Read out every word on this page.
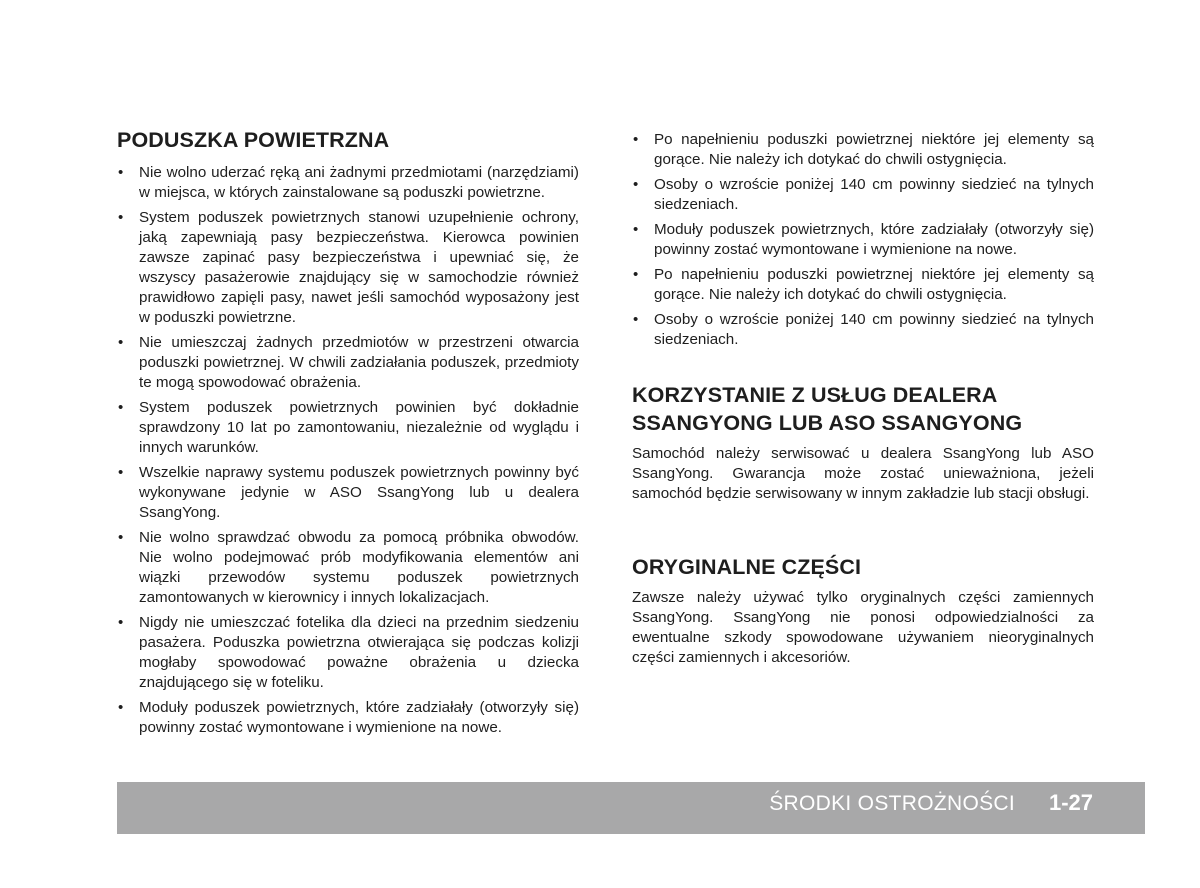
PODUSZKA POWIETRZNA
•	Nie wolno uderzać ręką ani żadnymi przedmiotami (narzędziami) w miejsca, w których zainstalowane są poduszki powietrzne.
•	System poduszek powietrznych stanowi uzupełnienie ochrony, jaką zapewniają pasy bezpieczeństwa. Kierowca powinien zawsze zapinać pasy bezpieczeństwa i upewniać się, że wszyscy pasażerowie znajdujący się w samochodzie również prawidłowo zapięli pasy, nawet jeśli samochód wyposażony jest w poduszki powietrzne.
•	Nie umieszczaj żadnych przedmiotów w przestrzeni otwarcia poduszki powietrznej. W chwili zadziałania poduszek, przedmioty te mogą spowodować obrażenia.
•	System poduszek powietrznych powinien być dokładnie sprawdzony 10 lat po zamontowaniu, niezależnie od wyglądu i innych warunków.
•	Wszelkie naprawy systemu poduszek powietrznych powinny być wykonywane jedynie w ASO SsangYong lub u dealera SsangYong.
•	Nie wolno sprawdzać obwodu za pomocą próbnika obwodów. Nie wolno podejmować prób modyfikowania elementów ani wiązki przewodów systemu poduszek powietrznych zamontowanych w kierownicy i innych lokalizacjach.
•	Nigdy nie umieszczać fotelika dla dzieci na przednim siedzeniu pasażera. Poduszka powietrzna otwierająca się podczas kolizji mogłaby spowodować poważne obrażenia u dziecka znajdującego się w foteliku.
•	Moduły poduszek powietrznych, które zadziałały (otworzyły się) powinny zostać wymontowane i wymienione na nowe.
•	Po napełnieniu poduszki powietrznej niektóre jej elementy są gorące. Nie należy ich dotykać do chwili ostygnięcia.
•	Osoby o wzroście poniżej 140 cm powinny siedzieć na tylnych siedzeniach.
•	Moduły poduszek powietrznych, które zadziałały (otworzyły się) powinny zostać wymontowane i wymienione na nowe.
•	Po napełnieniu poduszki powietrznej niektóre jej elementy są gorące. Nie należy ich dotykać do chwili ostygnięcia.
•	Osoby o wzroście poniżej 140 cm powinny siedzieć na tylnych siedzeniach.
KORZYSTANIE Z USŁUG DEALERA
SSANGYONG LUB ASO SSANGYONG

Samochód należy serwisować u dealera SsangYong lub ASO SsangYong. Gwarancja może zostać unieważniona, jeżeli samochód będzie serwisowany w innym zakładzie lub stacji obsługi.

ORYGINALNE CZĘŚCI

Zawsze należy używać tylko oryginalnych części zamiennych SsangYong. SsangYong nie ponosi odpowiedzialności za ewentualne szkody spowodowane używaniem nieoryginalnych części zamiennych i akcesoriów.

ŚRODKI OSTROŻNOŚCI 1-27
